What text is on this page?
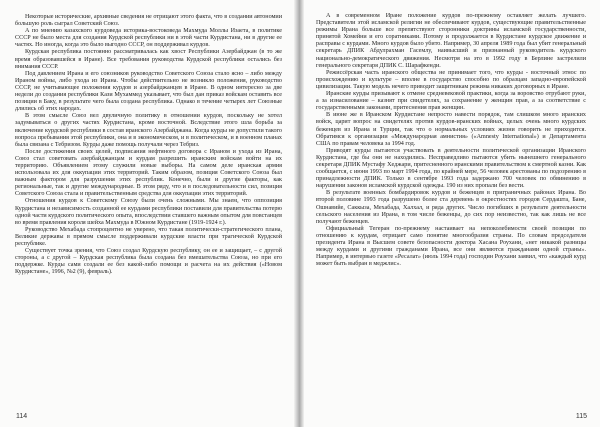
Некоторые исторические, архивные сведения не отрицают этого факта, что в создании автономии большую роль сыграл Советский Союз.

А по мнению казахского курдоведа историка-востоковеда Махмуда Моллы Изаета, в политике СССР не было места для создания Курдской республики ни в этой части Курдистана, ни в другие ее частях. Но иногда, когда это было выгодно СССР, он поддерживал курдов.

Курдская республика постоянно рассматривалась как хвост Республики Азербайджан (в то же время образовавшейся в Иране). Все требования руководства Курдской республики остались без внимания СССР.

Под давлением Ирана и его союзников руководство Советского Союза стало ясно – либо между Ираном войны, либо ухода из Ирана. Чтобы действительно не возникло положения, руководство СССР, не учитывающее положения курдов и азербайджанцев в Иране. В одном интересно за две недели до создания республики Кази Мухаммед указывает, что был дан приказ войскам оставить все позиции в Баку, в результате чего была создана республика. Однако в течение четырех лет Союзные длились об этих народах.

В этом смысле Союз вел двуличную политику в отношении курдов, поскольку не хотел задумываться о других частях Курдистана, кроме восточной. Вследствие этого шла борьба за включение курдской республики в состав иранского Азербайджана. Когда курды не допустили такого вопроса пребывания этой республики, она и в экономическом, и в политическом, и в военном планах была связана с Тебризом. Курды даже помощь получали через Тебриз.

После достижения своих целей, подписания нефтяного договора с Ираном и ухода из Ирана, Союз стал советовать азербайджанцам и курдам разрешить иранским войскам войти на их территорию. Объявлением этому служили новые выборы. На самом деле иранская армия использовала их для оккупации этих территорий. Таким образом, позиция Советского Союза был важным фактором для разрушения этих республик. Конечно, были и другие факторы, как региональные, так и другие международные. В этом ряду, что и в последовательности сил, позиция Советского Союза стала и правительственным средства для оккупации этих территорий.

Отношения курдов к Советскому Союзу были очень сложными. Мы знаем, что оппозиция Курдистана и независимость созданной ее курдами республики поставили для правительства потерю одной части курдского политического опыта, впоследствии ставшего важным опытом для повстанцев во время правления короля шейха Махмуда в Южном Курдистане (1919-1924 г.).

Руководство Мехабада стопроцентно не уверено, что такая политически-стратегического плана, Великие державы в прямом смысле поддерживали курдские власти при трагической Курдской республике.

Существует точка зрения, что Союз создал Курдскую республику, он ее и защищает, – с другой стороны, а с другой – Курдская республика была создана без вмешательства Союза, но при его поддержке. Курды сами создали ее без какой-либо помощи и расчета на их действия («Новом Курдистане», 1996, №2 (9), февраль).

114

А в современном Иране положение курдов по-прежнему оставляет желать лучшего. Представители этой исламской религии не обеспечивают курдов, существующие правительственные режимы Ирана больше все препятствуют сторонники доктрины исламской государственности, принятой Хомейни и его соратниками. Потому и продолжается в Курдистане курдское движение и расправы с курдами. Много курдов было убито. Например, 30 апреля 1989 года был убит генеральный секретарь ДПИК Абдулрахман Гасемлу, наивысший и признанный руководитель курдского национально-демократического движения. Несмотря на это в 1992 году в Берлине застрелили генерального секретаря ДПИК С. Шарафкенди.

Режиссёрская часть иранского общества не принимает того, что курды - восточный этнос по происхождению и культуре – вполне в государство способно по образцам западно-европейской цивилизации. Такую модель нечего приводит защитникам режима никаких договорных в Иране.

Иранские курды призывают к отмене средневековой практики, когда за воровство отрубают руки, а за изнасилование – казнят при свидетелях, за сохранение у женщин прав, а за соответствие с государственными законами, притеснения прав женщин.

В июне же в Иранском Курдистане непросто навести порядок, там слишком много иранских войск, царит вопрос на свидетелях против курдов-иранских войнах, целых очень много курдских беженцев из Ирана и Турции, так что о нормальных условиях жизни говорить не приходится. Обратимся к организации «Международная амнистия» («Amnesty International») и Департамента США по правам человека за 1994 год.

Приводят курды пытаются участвовать в деятельности политической организации Иранского Курдистана, где бы они не находились. Несправедливо пытаются убить нынешнего генерального секретаря ДПИК Мустафу Хеджари, притесненного иранскими правительством к смертной казни. Как сообщается, с июня 1993 по март 1994 года, по крайней мере, 56 человек арестованы по подозрению в принадлежности ДПИК. Только в сентябре 1993 года задержано 700 человек по обвинению в нарушении законов исламской курдской одежды. 190 из них пропали без вести.

В результате военных бомбардировок курдов и беженцев в приграничных районах Ирана. Во второй половине 1993 года разрушено более ста деревень в окрестностях городов Сердашта, Бане, Ошнавийе, Саккыза, Мехабада, Халхал, и ряда других. Число погибших в результате деятельности сельского населения из Ирана, в том числе беженцы, до сих пор неизвестно, так как лишь не все получают беженцев.

Официальный Тегеран по-прежнему настаивает на непоколебимости своей позиции по отношению к курдам, отрицает само понятие многообразия страны. По словам председателя президента Ирана в Высшем совете безопасности доктора Хасана Роухани, «нет никакой разницы между курдами и другими гражданами Ирана, все они являются гражданами одной страны». Например, в интервью газете «Ресалат» (июль 1994 года) господин Роухани заявил, что «каждый курд может быть выбран в меджлис».

115
